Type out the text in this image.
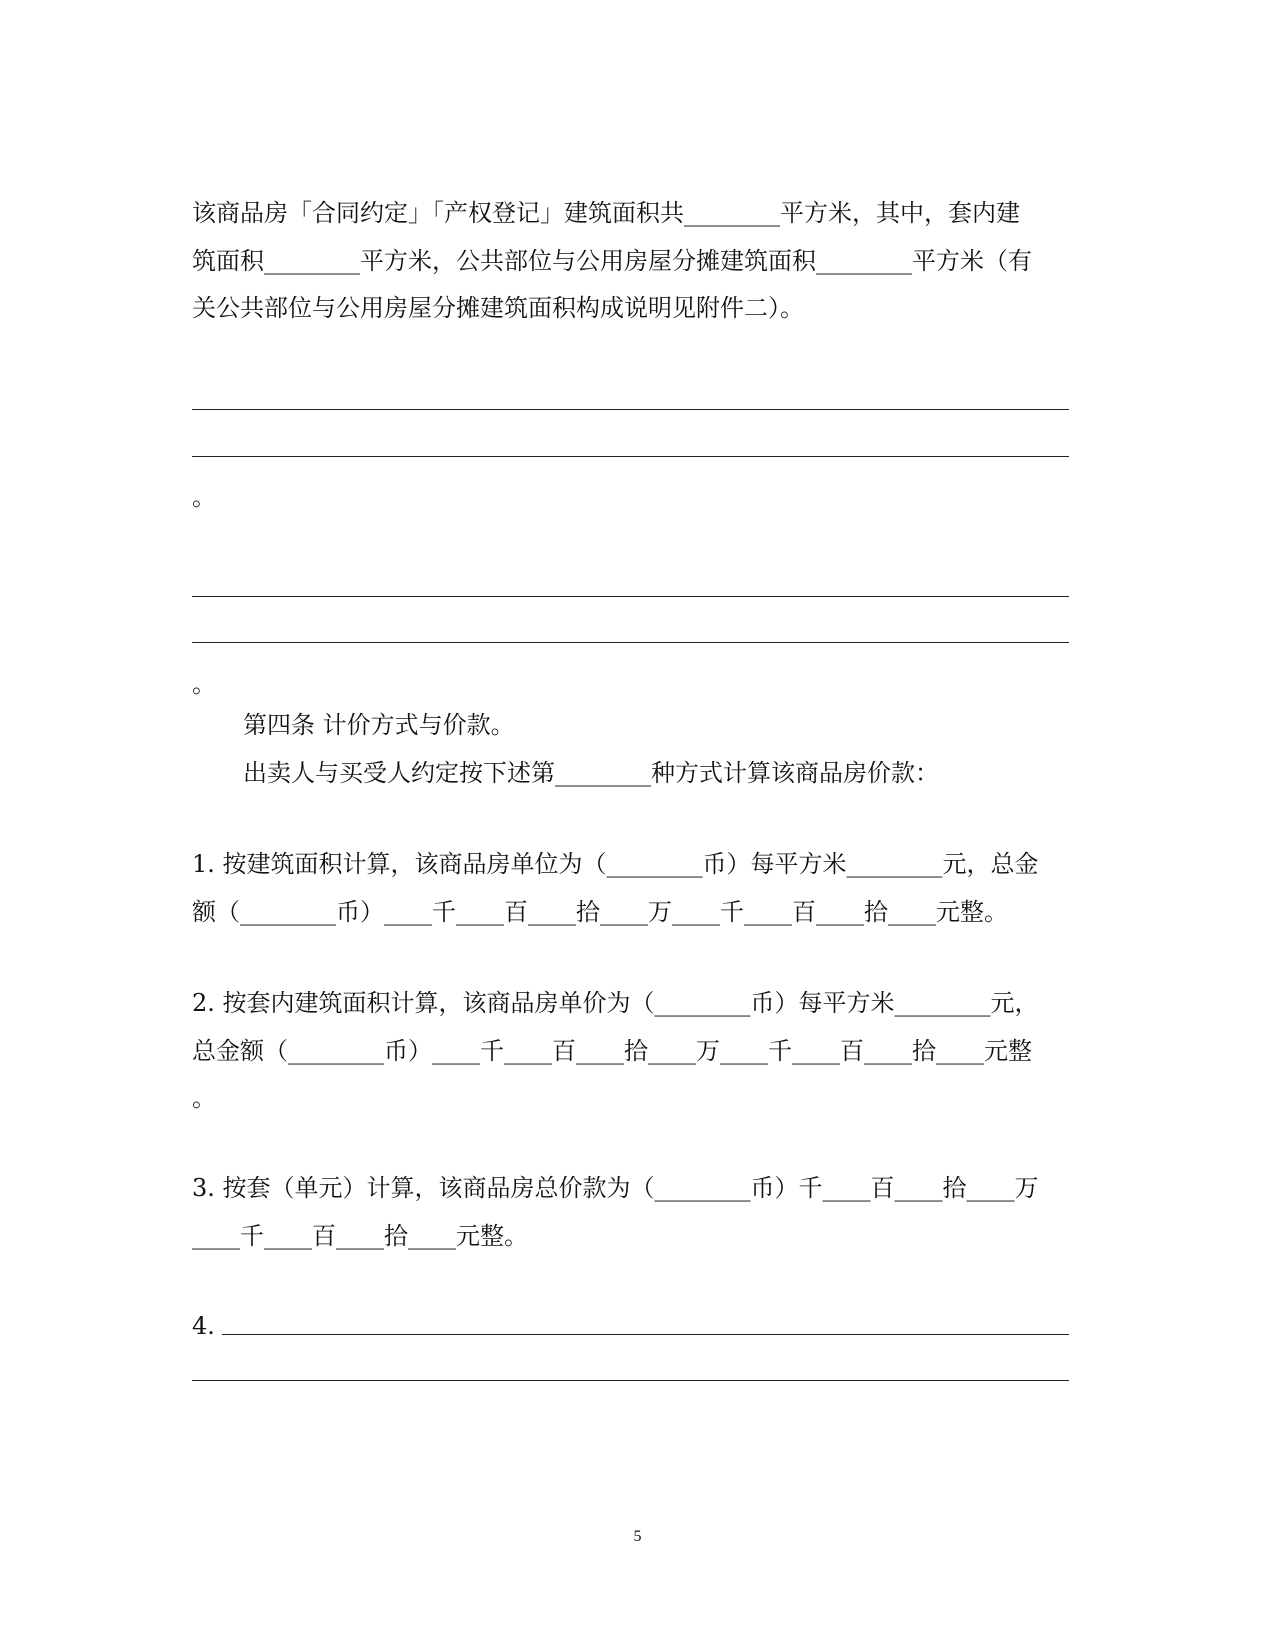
该商品房「合同约定」「产权登记」建筑面积共________平方米，其中，套内建
筑面积________平方米，公共部位与公用房屋分摊建筑面积________平方米（有
关公共部位与公用房屋分摊建筑面积构成说明见附件二）。
。
。
第四条 计价方式与价款。
出卖人与买受人约定按下述第________种方式计算该商品房价款：
1. 按建筑面积计算，该商品房单位为（________币）每平方米________元，总金
额（________币）____千____百____拾____万____千____百____拾____元整。
2. 按套内建筑面积计算，该商品房单价为（________币）每平方米________元，
总金额（________币）____千____百____拾____万____千____百____拾____元整
。
3. 按套（单元）计算，该商品房总价款为（________币）千____百____拾____万
____千____百____拾____元整。
4.
5
